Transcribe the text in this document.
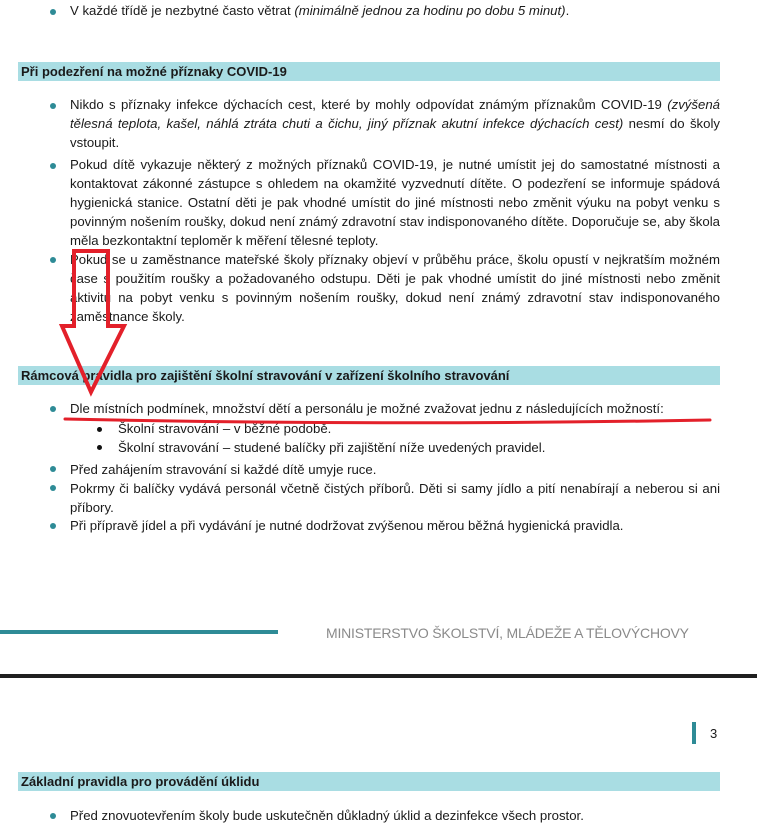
V každé třídě je nezbytné často větrat (minimálně jednou za hodinu po dobu 5 minut).
Při podezření na možné příznaky COVID-19
Nikdo s příznaky infekce dýchacích cest, které by mohly odpovídat známým příznakům COVID-19 (zvýšená tělesná teplota, kašel, náhlá ztráta chuti a čichu, jiný příznak akutní infekce dýchacích cest) nesmí do školy vstoupit.
Pokud dítě vykazuje některý z možných příznaků COVID-19, je nutné umístit jej do samostatné místnosti a kontaktovat zákonné zástupce s ohledem na okamžité vyzvednutí dítěte. O podezření se informuje spádová hygienická stanice. Ostatní děti je pak vhodné umístit do jiné místnosti nebo změnit výuku na pobyt venku s povinným nošením roušky, dokud není známý zdravotní stav indisponovaného dítěte. Doporučuje se, aby škola měla bezkontaktní teploměr k měření tělesné teploty.
Pokud se u zaměstnance mateřské školy příznaky objeví v průběhu práce, školu opustí v nejkratším možném čase s použitím roušky a požadovaného odstupu. Děti je pak vhodné umístit do jiné místnosti nebo změnit aktivitu na pobyt venku s povinným nošením roušky, dokud není známý zdravotní stav indisponovaného zaměstnance školy.
Rámcová pravidla pro zajištění školní stravování v zařízení školního stravování
Dle místních podmínek, množství dětí a personálu je možné zvažovat jednu z následujících možností:
Školní stravování – v běžné podobě.
Školní stravování – studené balíčky při zajištění níže uvedených pravidel.
Před zahájením stravování si každé dítě umyje ruce.
Pokrmy či balíčky vydává personál včetně čistých příborů. Děti si samy jídlo a pití nenabírají a neberou si ani příbory.
Při přípravě jídel a při vydávání je nutné dodržovat zvýšenou měrou běžná hygienická pravidla.
MINISTERSTVO ŠKOLSTVÍ, MLÁDEŽE A TĚLOVÝCHOVY
3
Základní pravidla pro provádění úklidu
Před znovuotevřením školy bude uskutečněn důkladný úklid a dezinfekce všech prostor.
